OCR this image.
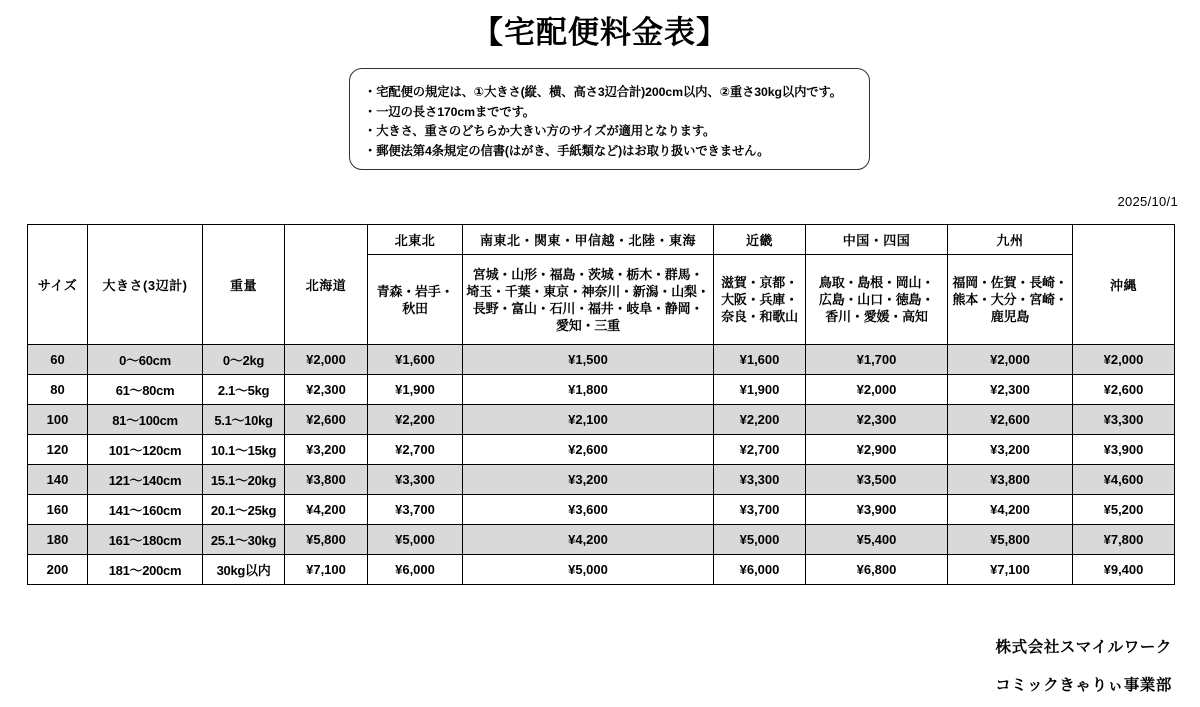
【宅配便料金表】
・ 宅配便の規定は、①大きさ(縦、横、高さ3辺合計)200cm以内、②重さ30kg以内です。
・ 一辺の長さ170cmまでです。
・ 大きさ、重さのどちらか大きい方のサイズが適用となります。
・ 郵便法第4条規定の信書(はがき、手紙類など)はお取り扱いできません。
2025/10/1
サイズ	大きさ(3辺計)	重量	北海道	北東北	南東北・関東・甲信越・北陸・東海	近畿	中国・四国	九州	沖縄
				青森・岩手・
秋田	宮城・山形・福島・茨城・栃木・群馬・
埼玉・千葉・東京・神奈川・新潟・山梨・
長野・富山・石川・福井・岐阜・静岡・
愛知・三重	滋賀・京都・
大阪・兵庫・
奈良・和歌山	鳥取・島根・岡山・
広島・山口・徳島・
香川・愛媛・高知	福岡・佐賀・長崎・
熊本・大分・宮崎・
鹿児島	
60	0〜60cm	0〜2kg	¥2,000	¥1,600	¥1,500	¥1,600	¥1,700	¥2,000	¥2,000
80	61〜80cm	2.1〜5kg	¥2,300	¥1,900	¥1,800	¥1,900	¥2,000	¥2,300	¥2,600
100	81〜100cm	5.1〜10kg	¥2,600	¥2,200	¥2,100	¥2,200	¥2,300	¥2,600	¥3,300
120	101〜120cm	10.1〜15kg	¥3,200	¥2,700	¥2,600	¥2,700	¥2,900	¥3,200	¥3,900
140	121〜140cm	15.1〜20kg	¥3,800	¥3,300	¥3,200	¥3,300	¥3,500	¥3,800	¥4,600
160	141〜160cm	20.1〜25kg	¥4,200	¥3,700	¥3,600	¥3,700	¥3,900	¥4,200	¥5,200
180	161〜180cm	25.1〜30kg	¥5,800	¥5,000	¥4,200	¥5,000	¥5,400	¥5,800	¥7,800
200	181〜200cm	30kg以内	¥7,100	¥6,000	¥5,000	¥6,000	¥6,800	¥7,100	¥9,400
株式会社スマイルワーク
コミックきゃりぃ事業部
